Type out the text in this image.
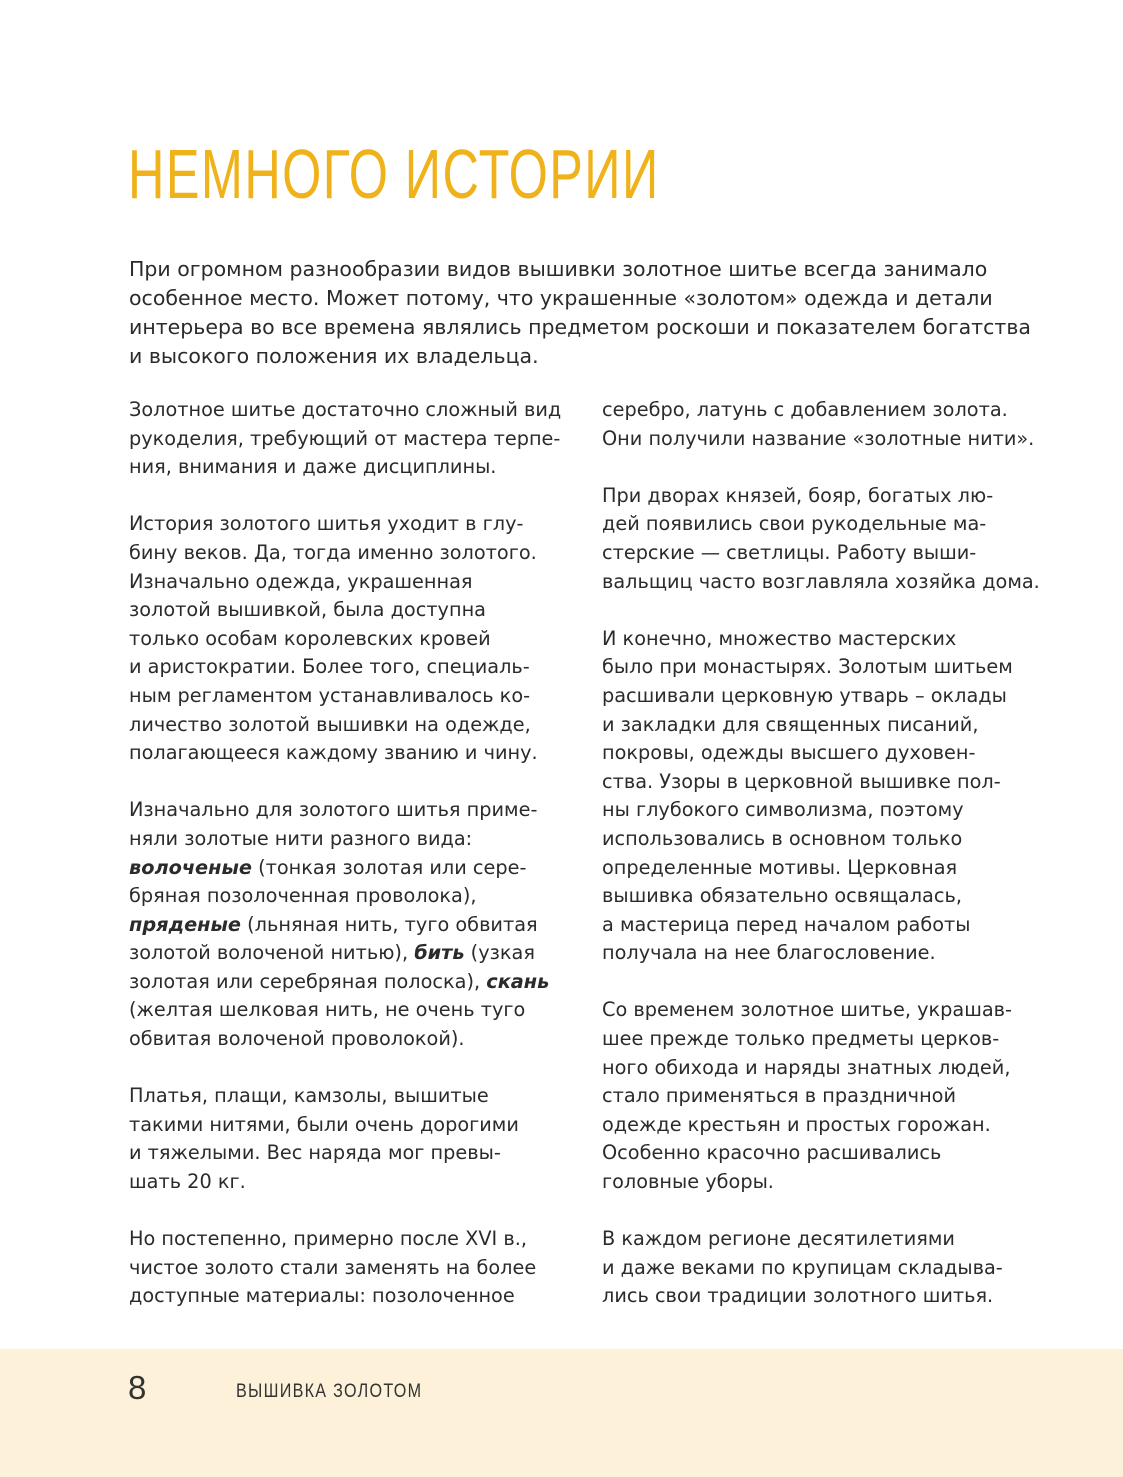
НЕМНОГО ИСТОРИИ
При огромном разнообразии видов вышивки золотное шитье всегда занимало
особенное место. Может потому, что украшенные «золотом» одежда и детали
интерьера во все времена являлись предметом роскоши и показателем богатства
и высокого положения их владельца.

Золотное шитье достаточно сложный вид
рукоделия, требующий от мастера терпе-
ния, внимания и даже дисциплины.

История золотого шитья уходит в глу-
бину веков. Да, тогда именно золотого.
Изначально одежда, украшенная
золотой вышивкой, была доступна
только особам королевских кровей
и аристократии. Более того, специаль-
ным регламентом устанавливалось ко-
личество золотой вышивки на одежде,
полагающееся каждому званию и чину.

Изначально для золотого шитья приме-
няли золотые нити разного вида:
волоченые (тонкая золотая или сере-
бряная позолоченная проволока),
пряденые (льняная нить, туго обвитая
золотой волоченой нитью), бить (узкая
золотая или серебряная полоска), скань
(желтая шелковая нить, не очень туго
обвитая волоченой проволокой).

Платья, плащи, камзолы, вышитые
такими нитями, были очень дорогими
и тяжелыми. Вес наряда мог превы-
шать 20 кг.

Но постепенно, примерно после XVI в.,
чистое золото стали заменять на более
доступные материалы: позолоченное

серебро, латунь с добавлением золота.
Они получили название «золотные нити».

При дворах князей, бояр, богатых лю-
дей появились свои рукодельные ма-
стерские — светлицы. Работу выши-
вальщиц часто возглавляла хозяйка дома.

И конечно, множество мастерских
было при монастырях. Золотым шитьем
расшивали церковную утварь – оклады
и закладки для священных писаний,
покровы, одежды высшего духовен-
ства. Узоры в церковной вышивке пол-
ны глубокого символизма, поэтому
использовались в основном только
определенные мотивы. Церковная
вышивка обязательно освящалась,
а мастерица перед началом работы
получала на нее благословение.

Со временем золотное шитье, украшав-
шее прежде только предметы церков-
ного обихода и наряды знатных людей,
стало применяться в праздничной
одежде крестьян и простых горожан.
Особенно красочно расшивались
головные уборы.

В каждом регионе десятилетиями
и даже веками по крупицам складыва-
лись свои традиции золотного шитья.

8	ВЫШИВКА ЗОЛОТОМ
